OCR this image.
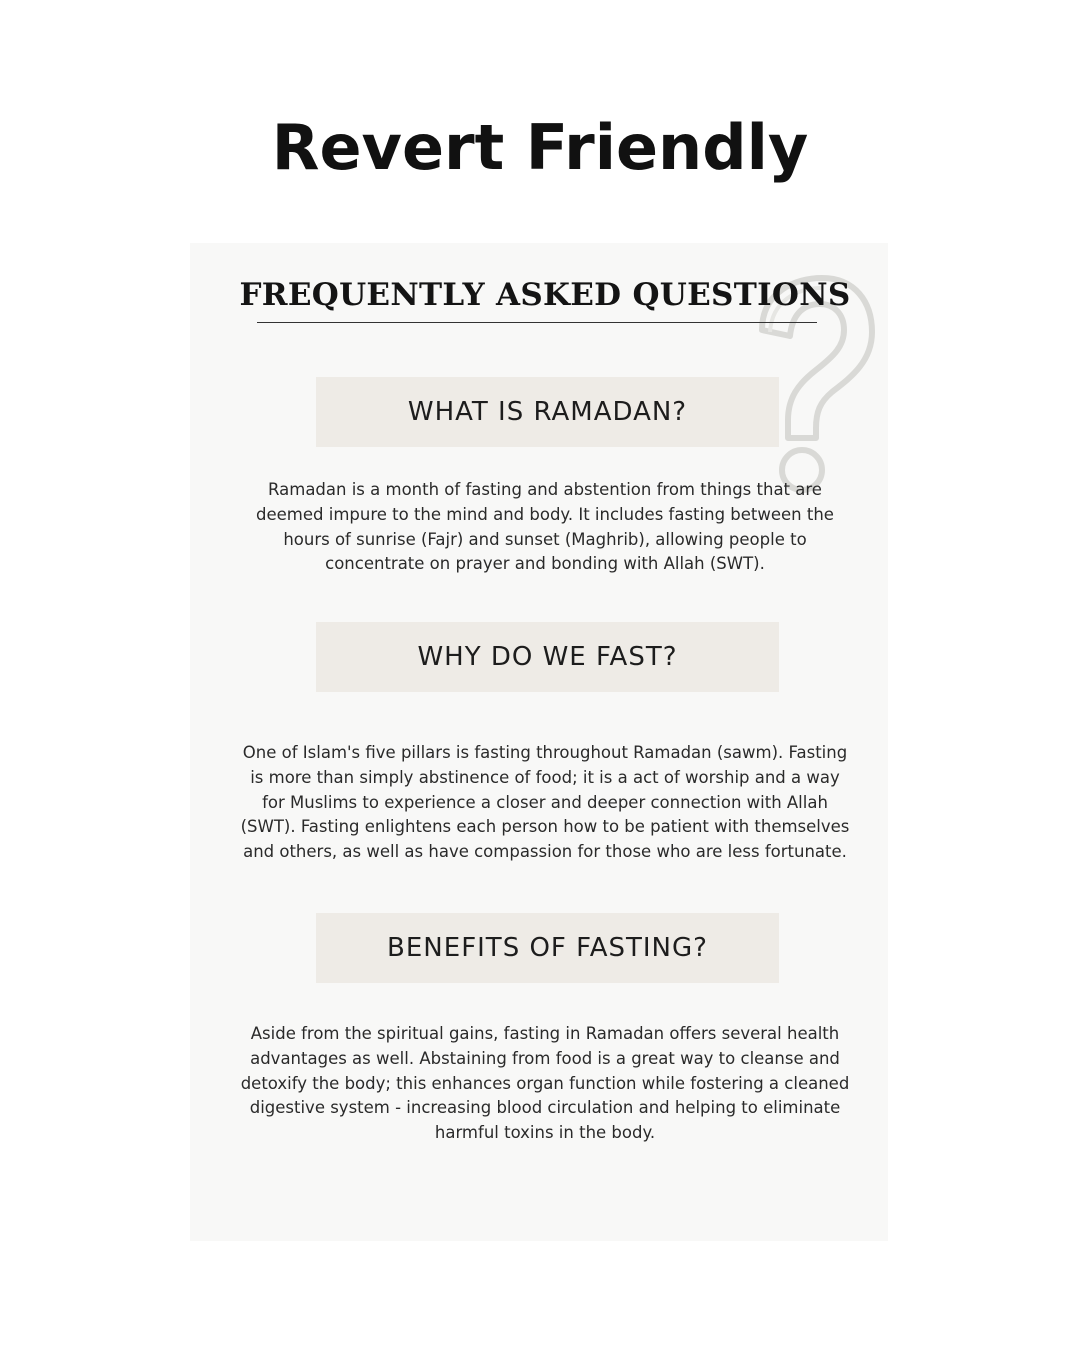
Revert Friendly
FREQUENTLY ASKED QUESTIONS
WHAT IS RAMADAN?
Ramadan is a month of fasting and abstention from things that are
deemed impure to the mind and body. It includes fasting between the
hours of sunrise (Fajr) and sunset (Maghrib), allowing people to
concentrate on prayer and bonding with Allah (SWT).
WHY DO WE FAST?
One of Islam's five pillars is fasting throughout Ramadan (sawm). Fasting
is more than simply abstinence of food; it is a act of worship and a way
for Muslims to experience a closer and deeper connection with Allah
(SWT). Fasting enlightens each person how to be patient with themselves
and others, as well as have compassion for those who are less fortunate.
BENEFITS OF FASTING?
Aside from the spiritual gains, fasting in Ramadan offers several health
advantages as well. Abstaining from food is a great way to cleanse and
detoxify the body; this enhances organ function while fostering a cleaned
digestive system - increasing blood circulation and helping to eliminate
harmful toxins in the body.
